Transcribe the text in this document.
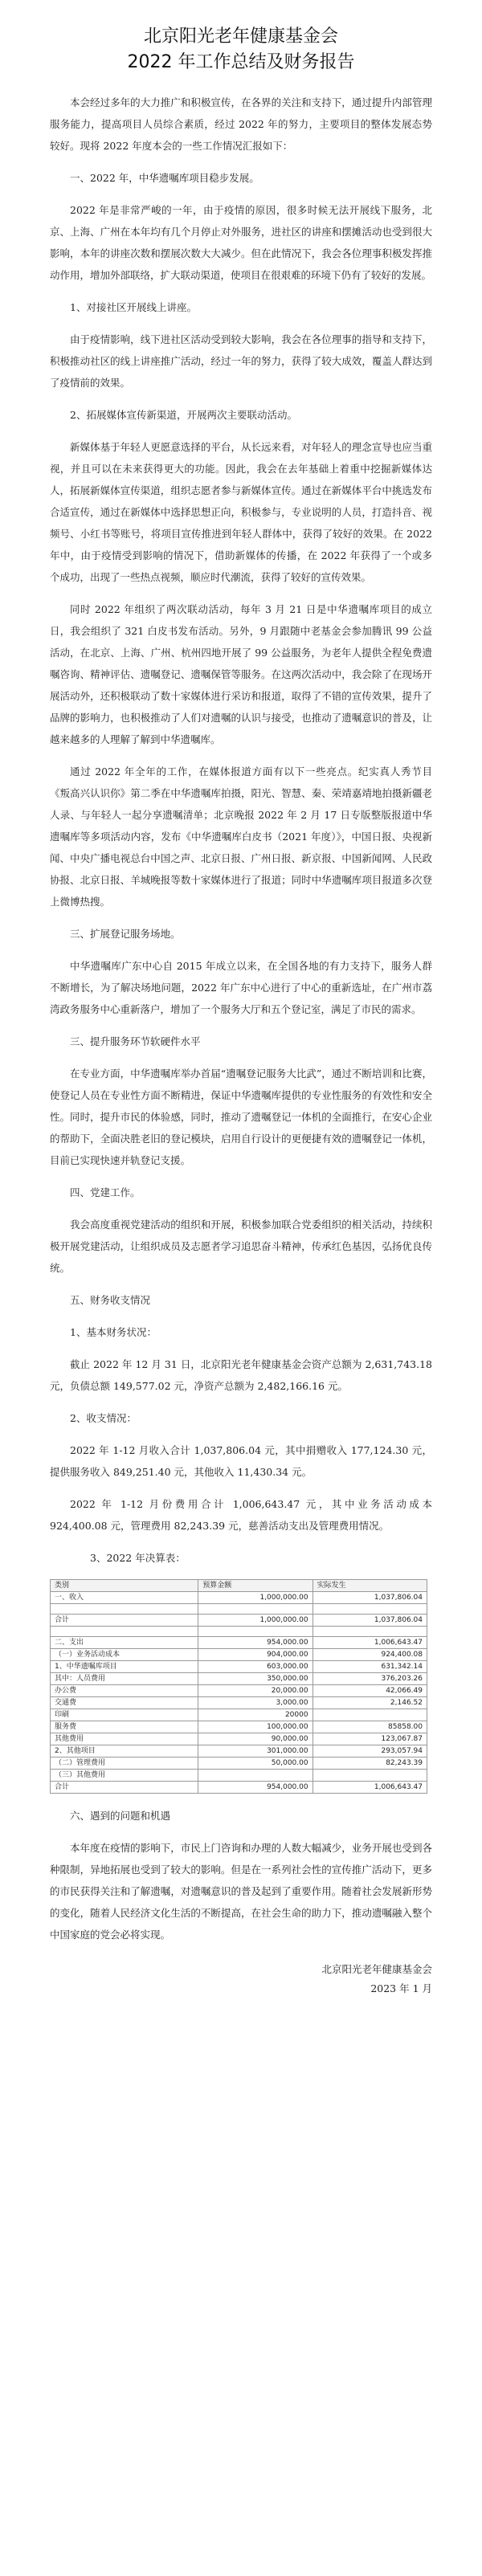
北京阳光老年健康基金会
2022 年工作总结及财务报告

本会经过多年的大力推广和积极宣传，在各界的关注和支持下，通过提升内部管理服务能力，提高项目人员综合素质，经过 2022 年的努力，主要项目的整体发展态势较好。现将 2022 年度本会的一些工作情况汇报如下：

一、2022 年，中华遗嘱库项目稳步发展。

2022 年是非常严峻的一年，由于疫情的原因，很多时候无法开展线下服务，北京、上海、广州在本年均有几个月停止对外服务，进社区的讲座和摆摊活动也受到很大影响，本年的讲座次数和摆展次数大大减少。但在此情况下，我会各位理事积极发挥推动作用，增加外部联络，扩大联动渠道，使项目在很艰难的环境下仍有了较好的发展。

1、对接社区开展线上讲座。

由于疫情影响，线下进社区活动受到较大影响，我会在各位理事的指导和支持下，积极推动社区的线上讲座推广活动，经过一年的努力，获得了较大成效，覆盖人群达到了疫情前的效果。

2、拓展媒体宣传新渠道，开展两次主要联动活动。

新媒体基于年轻人更愿意选择的平台，从长远来看，对年轻人的理念宣导也应当重视，并且可以在未来获得更大的功能。因此，我会在去年基础上着重中挖掘新媒体达人，拓展新媒体宣传渠道，组织志愿者参与新媒体宣传。通过在新媒体平台中挑选发布合适宣传，通过在新媒体中选择思想正向，积极参与，专业说明的人员，打造抖音、视频号、小红书等账号，将项目宣传推进到年轻人群体中，获得了较好的效果。在 2022 年中，由于疫情受到影响的情况下，借助新媒体的传播，在 2022 年获得了一个或多个成功，出现了一些热点视频，顺应时代潮流，获得了较好的宣传效果。

同时 2022 年组织了两次联动活动，每年 3 月 21 日是中华遗嘱库项目的成立日，我会组织了 321 白皮书发布活动。另外，9 月跟随中老基金会参加腾讯 99 公益活动，在北京、上海、广州、杭州四地开展了 99 公益服务，为老年人提供全程免费遗嘱咨询、精神评估、遗嘱登记、遗嘱保管等服务。在这两次活动中，我会除了在现场开展活动外，还积极联动了数十家媒体进行采访和报道，取得了不错的宣传效果，提升了品牌的影响力，也积极推动了人们对遗嘱的认识与接受，也推动了遗嘱意识的普及，让越来越多的人理解了解到中华遗嘱库。

通过 2022 年全年的工作，在媒体报道方面有以下一些亮点。纪实真人秀节目《叛高兴认识你》第二季在中华遗嘱库拍摄，阳光、智慧、秦、荣靖嘉靖地拍摄新疆老人录、与年轻人一起分享遗嘱清单；北京晚报 2022 年 2 月 17 日专版整版报道中华遗嘱库等多项活动内容，发布《中华遗嘱库白皮书（2021 年度）》，中国日报、央视新闻、中央广播电视总台中国之声、北京日报、广州日报、新京报、中国新闻网、人民政协报、北京日报、羊城晚报等数十家媒体进行了报道；同时中华遗嘱库项目报道多次登上微博热搜。

三、扩展登记服务场地。

中华遗嘱库广东中心自 2015 年成立以来，在全国各地的有力支持下，服务人群不断增长，为了解决场地问题，2022 年广东中心进行了中心的重新选址，在广州市荔湾政务服务中心重新落户，增加了一个服务大厅和五个登记室，满足了市民的需求。

三、提升服务环节软硬件水平

在专业方面，中华遗嘱库举办首届“遗嘱登记服务大比武”，通过不断培训和比赛，使登记人员在专业性方面不断精进，保证中华遗嘱库提供的专业性服务的有效性和安全性。同时，提升市民的体验感，同时，推动了遗嘱登记一体机的全面推行，在安心企业的帮助下，全面决胜老旧的登记模块，启用自行设计的更便捷有效的遗嘱登记一体机，目前已实现快速并轨登记支援。

四、党建工作。

我会高度重视党建活动的组织和开展，积极参加联合党委组织的相关活动，持续积极开展党建活动，让组织成员及志愿者学习追思奋斗精神，传承红色基因，弘扬优良传统。

五、财务收支情况

1、基本财务状况：

截止 2022 年 12 月 31 日，北京阳光老年健康基金会资产总额为 2,631,743.18 元，负债总额 149,577.02 元，净资产总额为 2,482,166.16 元。

2、收支情况：

2022 年 1-12 月收入合计 1,037,806.04 元，其中捐赠收入 177,124.30 元，提供服务收入 849,251.40 元，其他收入 11,430.34 元。

2022 年 1-12 月份费用合计 1,006,643.47 元，其中业务活动成本 924,400.08 元，管理费用 82,243.39 元，慈善活动支出及管理费用情况。

3、2022 年决算表：

类别	预算金额	实际发生
一、收入	1,000,000.00	1,037,806.04

合计	1,000,000.00	1,037,806.04

二、支出	954,000.00	1,006,643.47
（一）业务活动成本	904,000.00	924,400.08
1、中华遗嘱库项目	603,000.00	631,342.14
其中：人员费用	350,000.00	376,203.26
办公费	20,000.00	42,066.49
交通费	3,000.00	2,146.52
印刷	20000	
服务费	100,000.00	85858.00
其他费用	90,000.00	123,067.87
2、其他项目	301,000.00	293,057.94
（二）管理费用	50,000.00	82,243.39
（三）其他费用		
合计	954,000.00	1,006,643.47

六、遇到的问题和机遇

本年度在疫情的影响下，市民上门咨询和办理的人数大幅减少，业务开展也受到各种限制，异地拓展也受到了较大的影响。但是在一系列社会性的宣传推广活动下，更多的市民获得关注和了解遗嘱，对遗嘱意识的普及起到了重要作用。随着社会发展新形势的变化，随着人民经济文化生活的不断提高，在社会生命的助力下，推动遗嘱融入整个中国家庭的党会必将实现。

北京阳光老年健康基金会
2023 年 1 月
